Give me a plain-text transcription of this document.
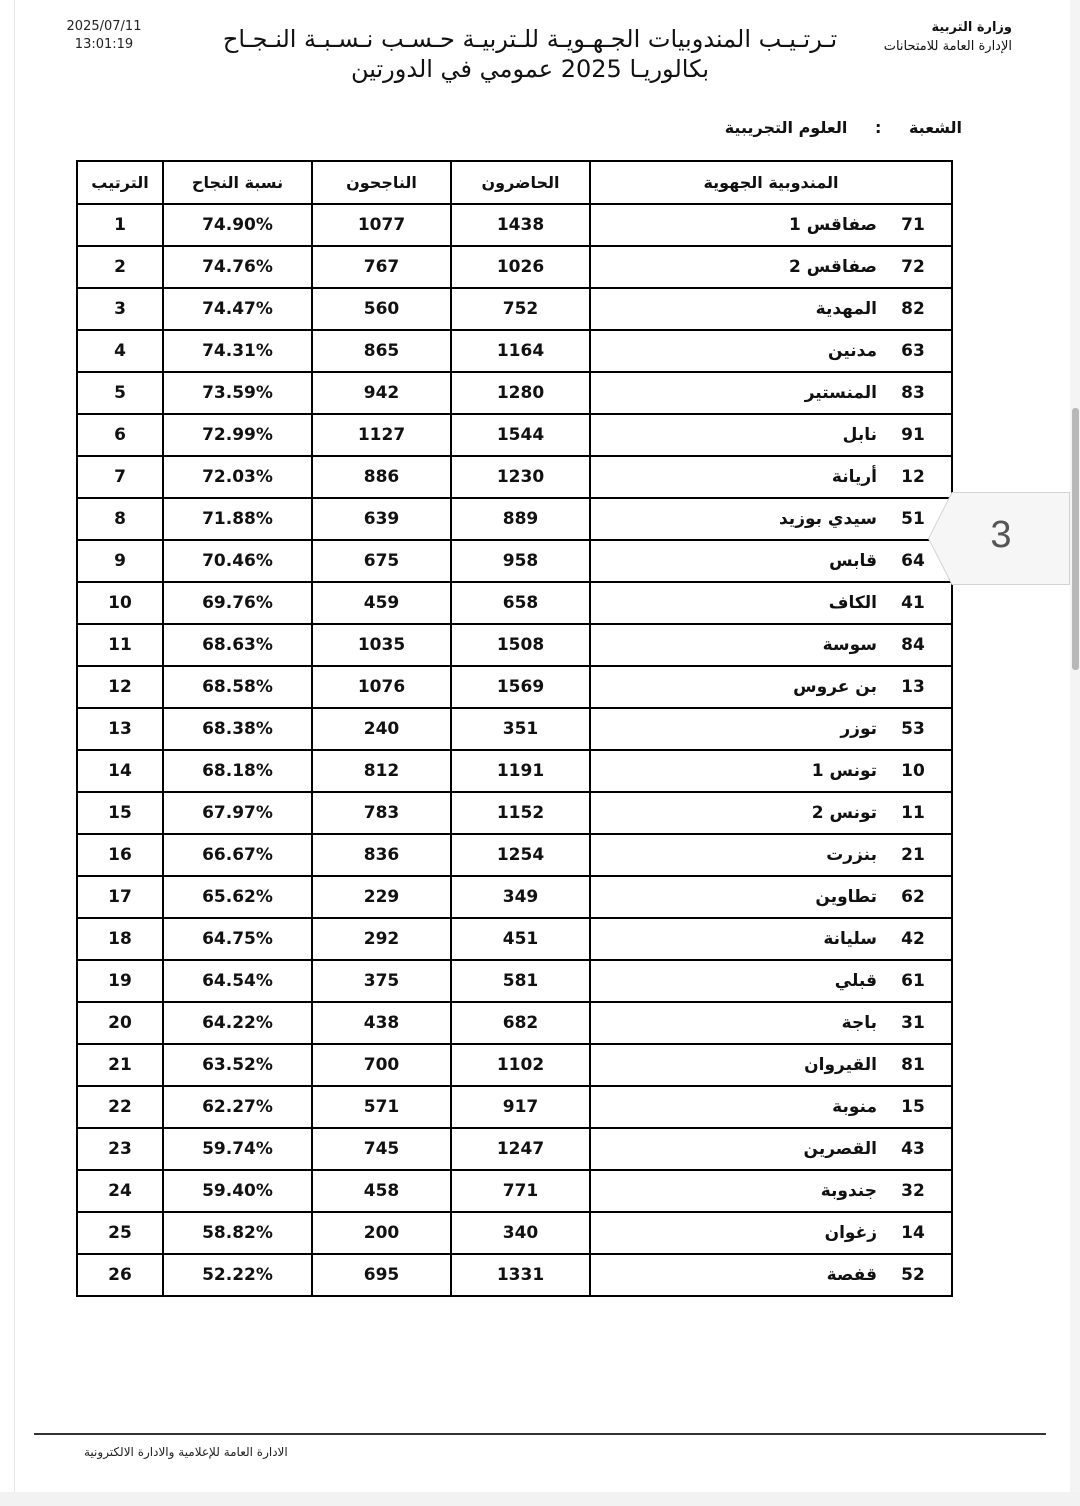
2025/07/11
13:01:19	تـرتـيـب المندوبيات الجـهـويـة للـتربيـة حـسـب نـسـبـة النـجـاح
بكالوريـا 2025 عمومي في الدورتين
وزارة التربية
الإدارة العامة للامتحانات
الشعبة : العلوم التجريبية
المندوبية الجهوية	الحاضرون	الناجحون	نسبة النجاح	الترتيب
71صفاقس 1	1438	1077	74.90%	1
72صفاقس 2	1026	767	74.76%	2
82المهدية	752	560	74.47%	3
63مدنين	1164	865	74.31%	4
83المنستير	1280	942	73.59%	5
91نابل	1544	1127	72.99%	6
12أريانة	1230	886	72.03%	7
51سيدي بوزيد	889	639	71.88%	8
64قابس	958	675	70.46%	9
41الكاف	658	459	69.76%	10
84سوسة	1508	1035	68.63%	11
13بن عروس	1569	1076	68.58%	12
53توزر	351	240	68.38%	13
10تونس 1	1191	812	68.18%	14
11تونس 2	1152	783	67.97%	15
21بنزرت	1254	836	66.67%	16
62تطاوين	349	229	65.62%	17
42سليانة	451	292	64.75%	18
61قبلي	581	375	64.54%	19
31باجة	682	438	64.22%	20
81القيروان	1102	700	63.52%	21
15منوبة	917	571	62.27%	22
43القصرين	1247	745	59.74%	23
32جندوبة	771	458	59.40%	24
14زغوان	340	200	58.82%	25
52قفصة	1331	695	52.22%	26
3
الادارة العامة للإعلامية والادارة الالكترونية
